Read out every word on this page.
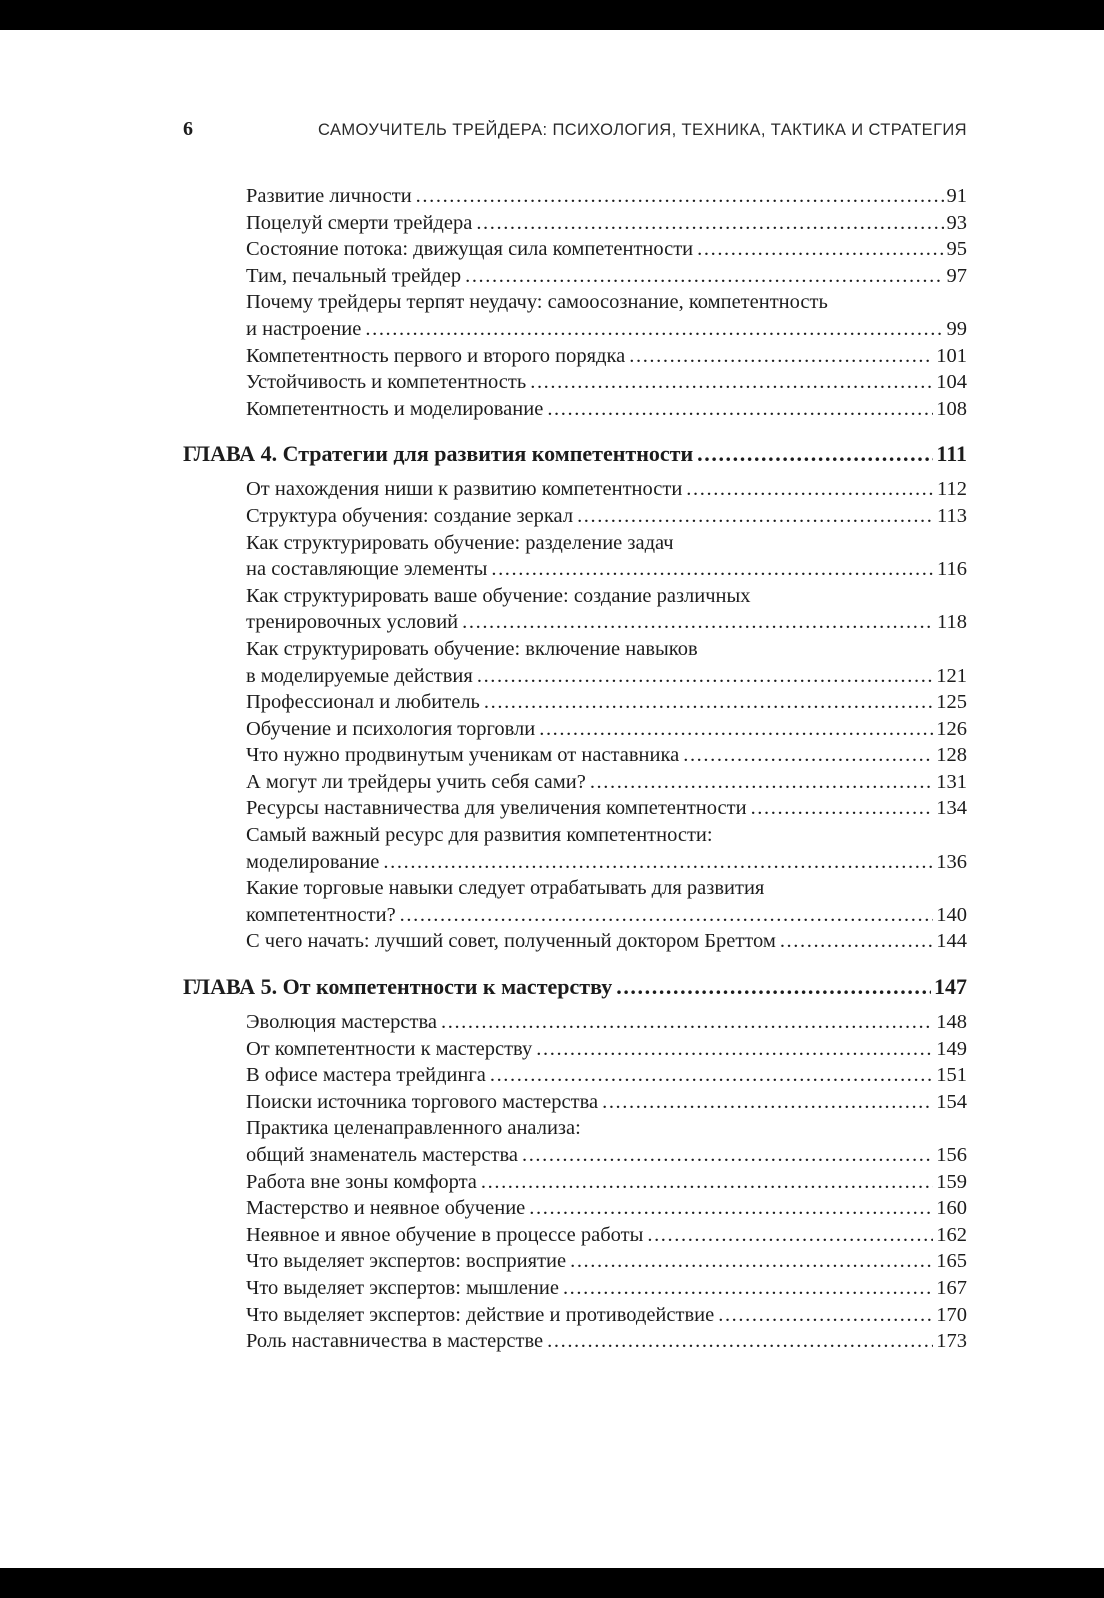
6	САМОУЧИТЕЛЬ ТРЕЙДЕРА: ПСИХОЛОГИЯ, ТЕХНИКА, ТАКТИКА И СТРАТЕГИЯ
Развитие личности .....	91
Поцелуй смерти трейдера .....	93
Состояние потока: движущая сила компетентности .....	95
Тим, печальный трейдер .....	97
Почему трейдеры терпят неудачу: самоосознание, компетентность
и настроение .....	99
Компетентность первого и второго порядка .....	101
Устойчивость и компетентность .....	104
Компетентность и моделирование .....	108
ГЛАВА 4. Стратегии для развития компетентности .....	111
От нахождения ниши к развитию компетентности .....	112
Структура обучения: создание зеркал .....	113
Как структурировать обучение: разделение задач
на составляющие элементы .....	116
Как структурировать ваше обучение: создание различных
тренировочных условий .....	118
Как структурировать обучение: включение навыков
в моделируемые действия .....	121
Профессионал и любитель .....	125
Обучение и психология торговли .....	126
Что нужно продвинутым ученикам от наставника .....	128
А могут ли трейдеры учить себя сами? .....	131
Ресурсы наставничества для увеличения компетентности .....	134
Самый важный ресурс для развития компетентности:
моделирование .....	136
Какие торговые навыки следует отрабатывать для развития
компетентности? .....	140
С чего начать: лучший совет, полученный доктором Бреттом .....	144
ГЛАВА 5. От компетентности к мастерству .....	147
Эволюция мастерства .....	148
От компетентности к мастерству .....	149
В офисе мастера трейдинга .....	151
Поиски источника торгового мастерства .....	154
Практика целенаправленного анализа:
общий знаменатель мастерства .....	156
Работа вне зоны комфорта .....	159
Мастерство и неявное обучение .....	160
Неявное и явное обучение в процессе работы .....	162
Что выделяет экспертов: восприятие .....	165
Что выделяет экспертов: мышление .....	167
Что выделяет экспертов: действие и противодействие .....	170
Роль наставничества в мастерстве .....	173
